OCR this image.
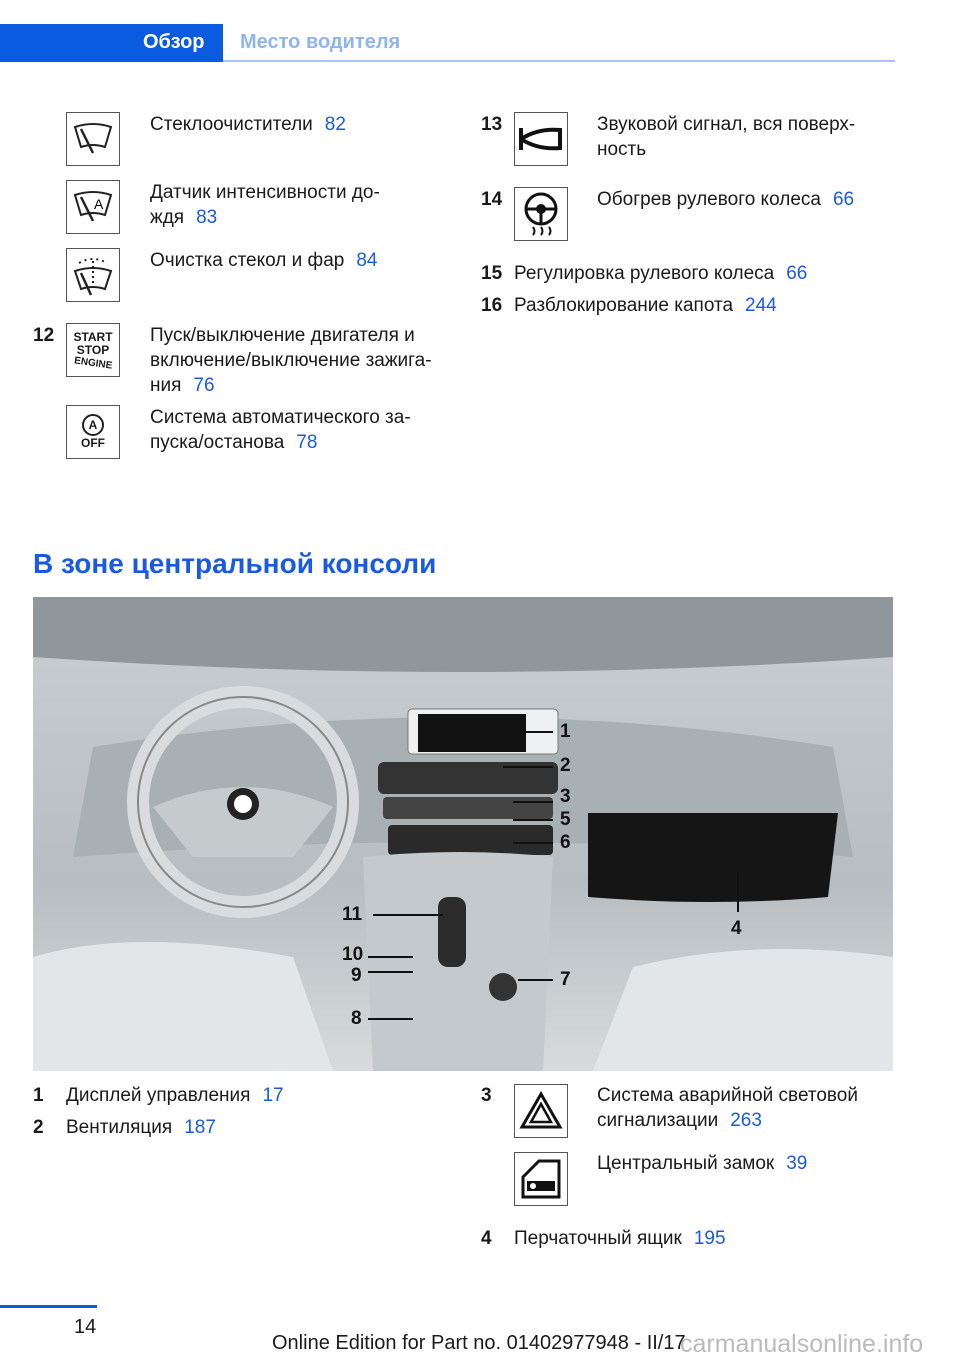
Обзор Место водителя
Стеклоочистители 82
A
Датчик интенсивности до-
ждя 83
Очистка стекол и фар 84
12 START
STOP
ENGINE
Пуск/выключение двигателя и
включение/выключение зажига-
ния 76
A
OFF
Система автоматического за-
пуска/останова 78
13	Звуковой сигнал, вся поверх-
ность
14	Обогрев рулевого колеса 66
15 Регулировка рулевого колеса 66
16 Разблокирование капота 244
В зоне центральной консоли
1
2
3
5
6
4
11
10
9
8
7
1 Дисплей управления 17
2 Вентиляция 187
3	Система аварийной световой
сигнализации 263
Центральный замок 39
4 Перчаточный ящик 195
14
Online Edition for Part no. 01402977948 - II/17
carmanualsonline.info
